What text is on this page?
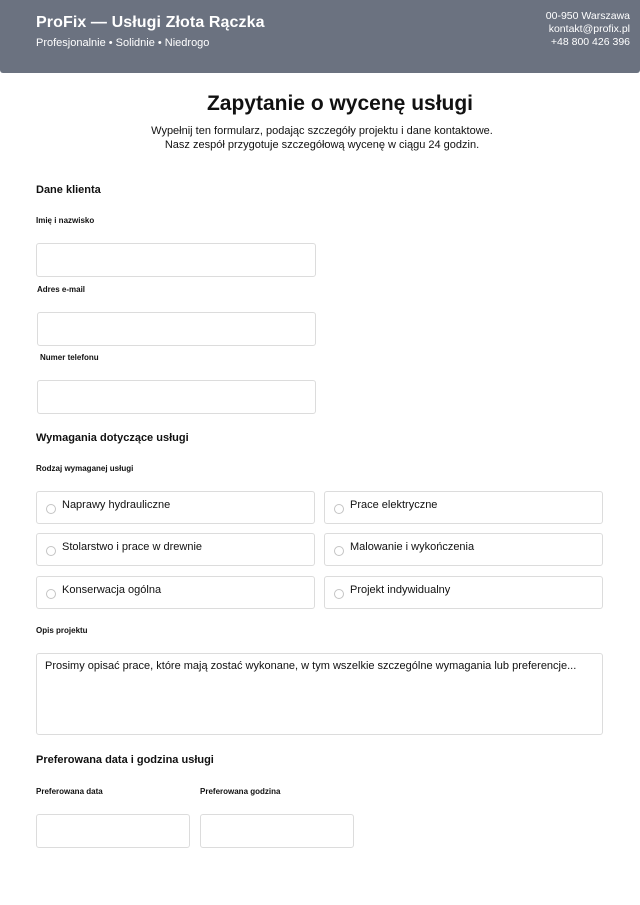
ProFix — Usługi Złota Rączka
Profesjonalnie • Solidnie • Niedrogo
00-950 Warszawa
kontakt@profix.pl
+48 800 426 396
Zapytanie o wycenę usługi
Wypełnij ten formularz, podając szczegóły projektu i dane kontaktowe.
Nasz zespół przygotuje szczegółową wycenę w ciągu 24 godzin.
Dane klienta
Imię i nazwisko
Adres e-mail
Numer telefonu
Wymagania dotyczące usługi
Rodzaj wymaganej usługi
Naprawy hydrauliczne	Prace elektryczne
Stolarstwo i prace w drewnie	Malowanie i wykończenia
Konserwacja ogólna	Projekt indywidualny
Opis projektu
Prosimy opisać prace, które mają zostać wykonane, w tym wszelkie szczególne wymagania lub preferencje...
Preferowana data i godzina usługi
Preferowana data	Preferowana godzina
